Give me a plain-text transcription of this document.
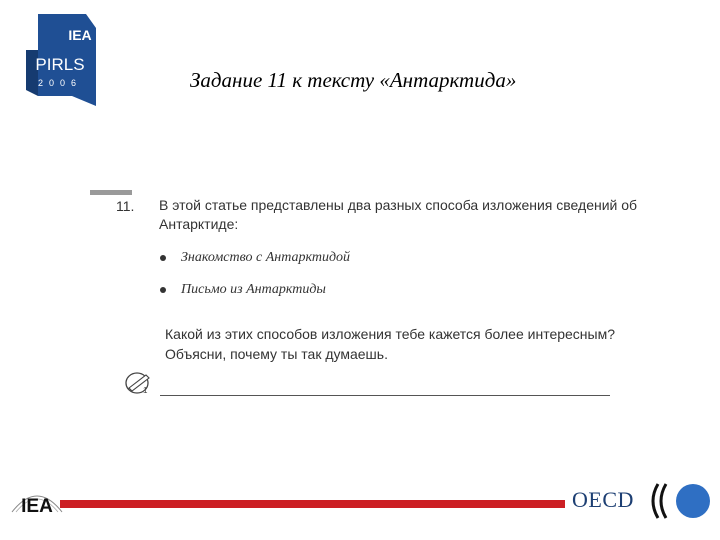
IEA
PIRLS
2006	Задание 11 к тексту «Антарктида»
11. В этой статье представлены два разных способа изложения сведений об Антарктиде:
Знакомство с Антарктидой
Письмо из Антарктиды
Какой из этих способов изложения тебе кажется более интересным? Объясни, почему ты так думаешь.
1
IEA	OECD
